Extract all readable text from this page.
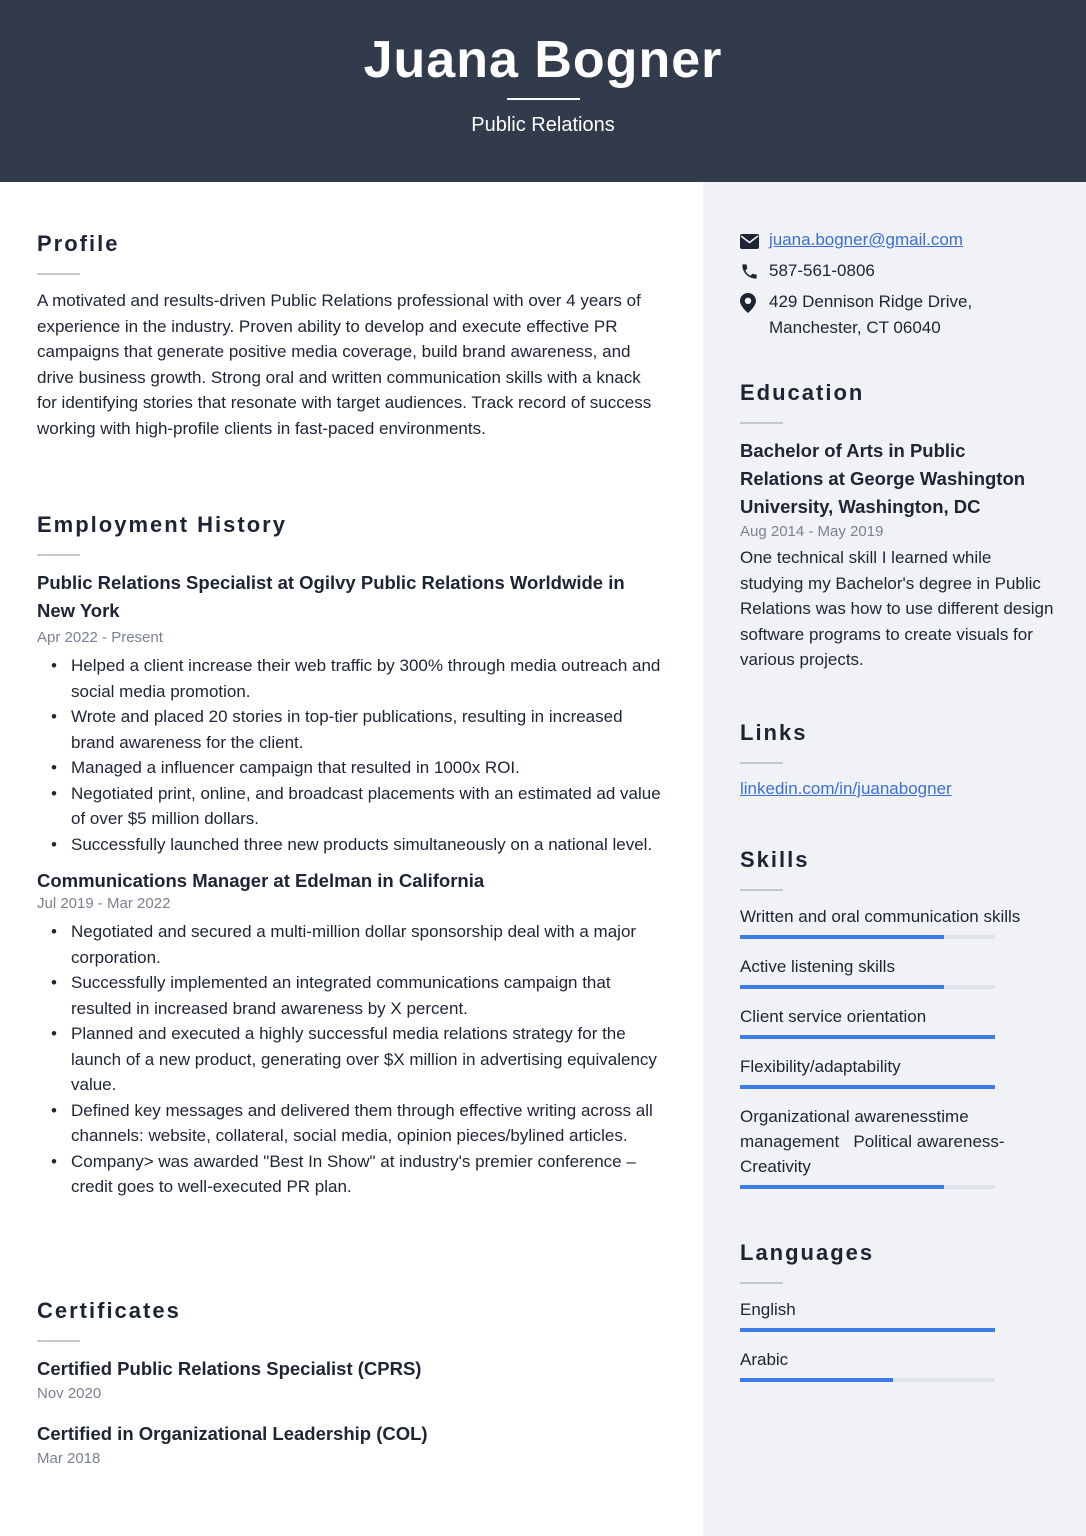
Juana Bogner
Public Relations
Profile
A motivated and results-driven Public Relations professional with over 4 years of experience in the industry. Proven ability to develop and execute effective PR campaigns that generate positive media coverage, build brand awareness, and drive business growth. Strong oral and written communication skills with a knack for identifying stories that resonate with target audiences. Track record of success working with high-profile clients in fast-paced environments.
Employment History
Public Relations Specialist at Ogilvy Public Relations Worldwide in New York
Apr 2022 - Present
• Helped a client increase their web traffic by 300% through media outreach and social media promotion.
• Wrote and placed 20 stories in top-tier publications, resulting in increased brand awareness for the client.
• Managed a influencer campaign that resulted in 1000x ROI.
• Negotiated print, online, and broadcast placements with an estimated ad value of over $5 million dollars.
• Successfully launched three new products simultaneously on a national level.
Communications Manager at Edelman in California
Jul 2019 - Mar 2022
• Negotiated and secured a multi-million dollar sponsorship deal with a major corporation.
• Successfully implemented an integrated communications campaign that resulted in increased brand awareness by X percent.
• Planned and executed a highly successful media relations strategy for the launch of a new product, generating over $X million in advertising equivalency value.
• Defined key messages and delivered them through effective writing across all channels: website, collateral, social media, opinion pieces/bylined articles.
• Company> was awarded "Best In Show" at industry's premier conference – credit goes to well-executed PR plan.
Certificates
Certified Public Relations Specialist (CPRS)
Nov 2020
Certified in Organizational Leadership (COL)
Mar 2018
juana.bogner@gmail.com
587-561-0806
429 Dennison Ridge Drive,
Manchester, CT 06040
Education
Bachelor of Arts in Public Relations at George Washington University, Washington, DC
Aug 2014 - May 2019
One technical skill I learned while studying my Bachelor's degree in Public Relations was how to use different design software programs to create visuals for various projects.
Links
linkedin.com/in/juanabogner
Skills
Written and oral communication skills
Active listening skills
Client service orientation
Flexibility/adaptability
Organizational awarenesstime management   Political awareness- Creativity
Languages
English
Arabic
